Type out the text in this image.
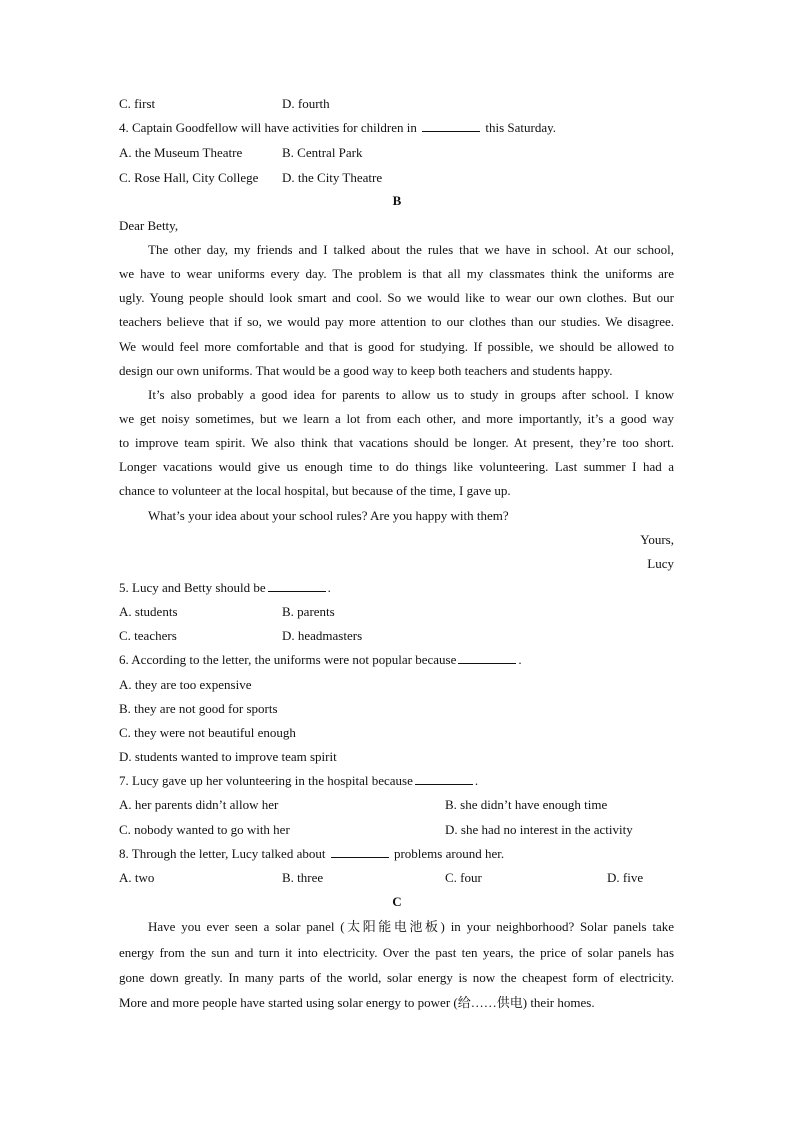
C. first	D. fourth
4. Captain Goodfellow will have activities for children in	this Saturday.
A. the Museum Theatre	B. Central Park
C. Rose Hall, City College D. the City Theatre
B
Dear Betty,
The other day, my friends and I talked about the rules that we have in school. At our school,
we have to wear uniforms every day. The problem is that all my classmates think the uniforms are
ugly. Young people should look smart and cool. So we would like to wear our own clothes. But our
teachers believe that if so, we would pay more attention to our clothes than our studies. We disagree.
We would feel more comfortable and that is good for studying. If possible, we should be allowed to
design our own uniforms. That would be a good way to keep both teachers and students happy.
It’s also probably a good idea for parents to allow us to study in groups after school. I know
we get noisy sometimes, but we learn a lot from each other, and more importantly, it’s a good way
to improve team spirit. We also think that vacations should be longer. At present, they’re too short.
Longer vacations would give us enough time to do things like volunteering. Last summer I had a
chance to volunteer at the local hospital, but because of the time, I gave up.
What’s your idea about your school rules? Are you happy with them?
Yours,
Lucy
5. Lucy and Betty should be	.
A. students	B. parents
C. teachers	D. headmasters
6. According to the letter, the uniforms were not popular because	.
A. they are too expensive
B. they are not good for sports
C. they were not beautiful enough
D. students wanted to improve team spirit
7. Lucy gave up her volunteering in the hospital because	.
A. her parents didn’t allow her	B. she didn’t have enough time
C. nobody wanted to go with her	D. she had no interest in the activity
8. Through the letter, Lucy talked about	problems around her.
A. two	B. three	C. four	D. five
C
Have you ever seen a solar panel (太阳能电池板) in your neighborhood? Solar panels take
energy from the sun and turn it into electricity. Over the past ten years, the price of solar panels has
gone down greatly. In many parts of the world, solar energy is now the cheapest form of electricity.
More and more people have started using solar energy to power (给……供电) their homes.
